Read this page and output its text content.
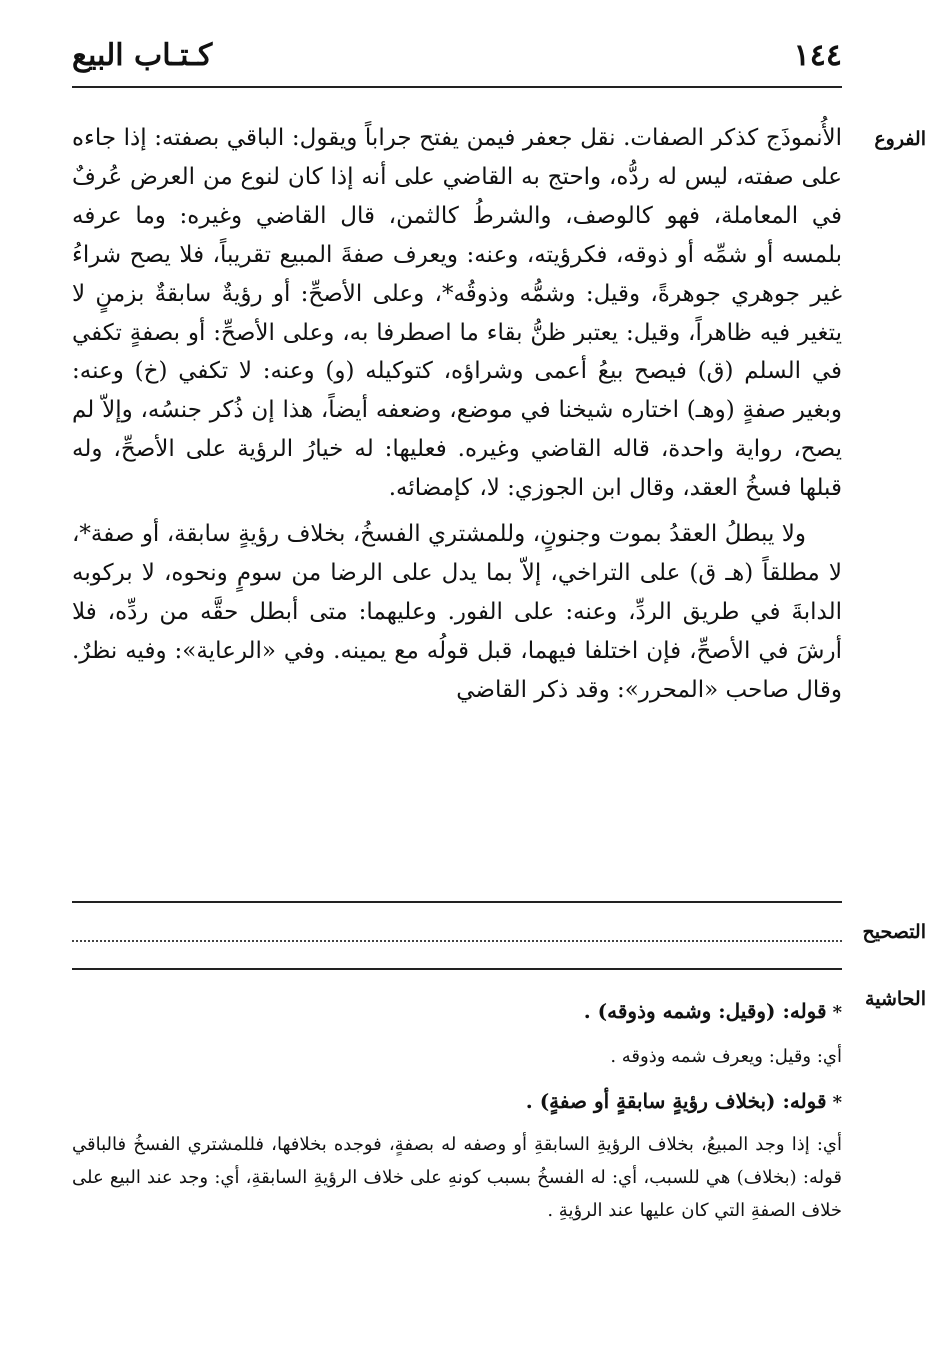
١٤٤
كـتـاب البيع
الفروع

الأُنموذَج كذكر الصفات. نقل جعفر فيمن يفتح جراباً ويقول: الباقي بصفته: إذا جاءه على صفته، ليس له ردُّه، واحتج به القاضي على أنه إذا كان لنوع من العرض عُرفٌ في المعاملة، فهو كالوصف، والشرطُ كالثمن، قال القاضي وغيره: وما عرفه بلمسه أو شمِّه أو ذوقه، فكرؤيته، وعنه: ويعرف صفةَ المبيع تقريباً، فلا يصح شراءُ غير جوهري جوهرةً، وقيل: وشمُّه وذوقُه*، وعلى الأصحِّ: أو رؤيةٌ سابقةٌ بزمنٍ لا يتغير فيه ظاهراً، وقيل: يعتبر ظنُّ بقاء ما اصطرفا به، وعلى الأصحِّ: أو بصفةٍ تكفي في السلم (ق) فيصح بيعُ أعمى وشراؤه، كتوكيله (و) وعنه: لا تكفي (خ) وعنه: وبغير صفةٍ (وهـ) اختاره شيخنا في موضع، وضعفه أيضاً، هذا إن ذُكر جنسُه، وإلاّ لم يصح، رواية واحدة، قاله القاضي وغيره. فعليها: له خيارُ الرؤية على الأصحِّ، وله قبلها فسخُ العقد، وقال ابن الجوزي: لا، كإمضائه.

ولا يبطلُ العقدُ بموت وجنونٍ، وللمشتري الفسخُ، بخلاف رؤيةٍ سابقة، أو صفة*، لا مطلقاً (هـ ق) على التراخي، إلاّ بما يدل على الرضا من سومٍ ونحوه، لا بركوبه الدابةَ في طريق الردِّ، وعنه: على الفور. وعليهما: متى أبطل حقَّه من ردِّه، فلا أرشَ في الأصحِّ، فإن اختلفا فيهما، قبل قولُه مع يمينه. وفي «الرعاية»: وفيه نظرٌ. وقال صاحب «المحرر»: وقد ذكر القاضي

التصحيح
الحاشية

*قوله: (وقيل: وشمه وذوقه) .

أي: وقيل: ويعرف شمه وذوقه .

*قوله: (بخلاف رؤيةٍ سابقةٍ أو صفةٍ) .

أي: إذا وجد المبيعُ، بخلاف الرؤيةِ السابقةِ أو وصفه له بصفةٍ، فوجده بخلافها، فللمشتري الفسخُ فالباقي قوله: (بخلاف) هي للسبب، أي: له الفسخُ بسبب كونهِ على خلاف الرؤيةِ السابقةِ، أي: وجد عند البيع على خلاف الصفةِ التي كان عليها عند الرؤيةِ .
